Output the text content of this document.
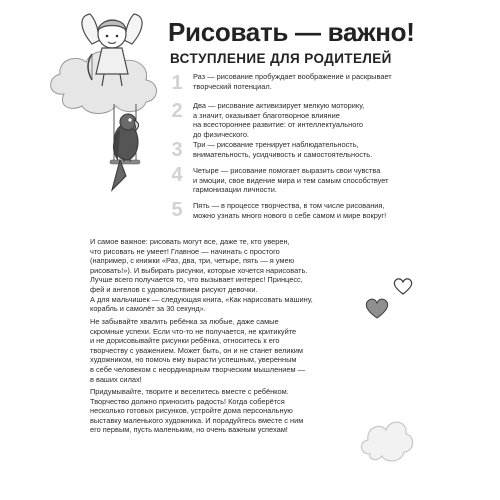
Рисовать — важно!
ВСТУПЛЕНИЕ ДЛЯ РОДИТЕЛЕЙ
1 Раз — рисование пробуждает воображение и раскрывает
творческий потенциал.
2 Два — рисование активизирует мелкую моторику,
а значит, оказывает благотворное влияние
на всестороннее развитие: от интеллектуального
до физического.
3 Три — рисование тренирует наблюдательность,
внимательность, усидчивость и самостоятельность.
4 Четыре — рисование помогает выразить свои чувства
и эмоции, свое видение мира и тем самым способствует
гармонизации личности.
5 Пять — в процессе творчества, в том числе рисования,
можно узнать много нового о себе самом и мире вокруг!
И самое важное: рисовать могут все, даже те, кто уверен,
что рисовать не умеет! Главное — начинать с простого
(например, с книжки «Раз, два, три, четыре, пять — я умею
рисовать!»). И выбирать рисунки, которые хочется нарисовать.
Лучше всего получается то, что вызывает интерес! Принцесс,
фей и ангелов с удовольствием рисуют девочки.
А для мальчишек — следующая книга, «Как нарисовать машину,
корабль и самолёт за 30 секунд».
Не забывайте хвалить ребёнка за любые, даже самые
скромные успехи. Если что-то не получается, не критикуйте
и не дорисовывайте рисунки ребёнка, относитесь к его
творчеству с уважением. Может быть, он и не станет великим
художником, но помочь ему вырасти успешным, уверенным
в себе человеком с неординарным творческим мышлением —
в ваших силах!
Придумывайте, творите и веселитесь вместе с ребёнком.
Творчество должно приносить радость! Когда соберётся
несколько готовых рисунков, устройте дома персональную
выставку маленького художника. И порадуйтесь вместе с ним
его первым, пусть маленьким, но очень важным успехам!
